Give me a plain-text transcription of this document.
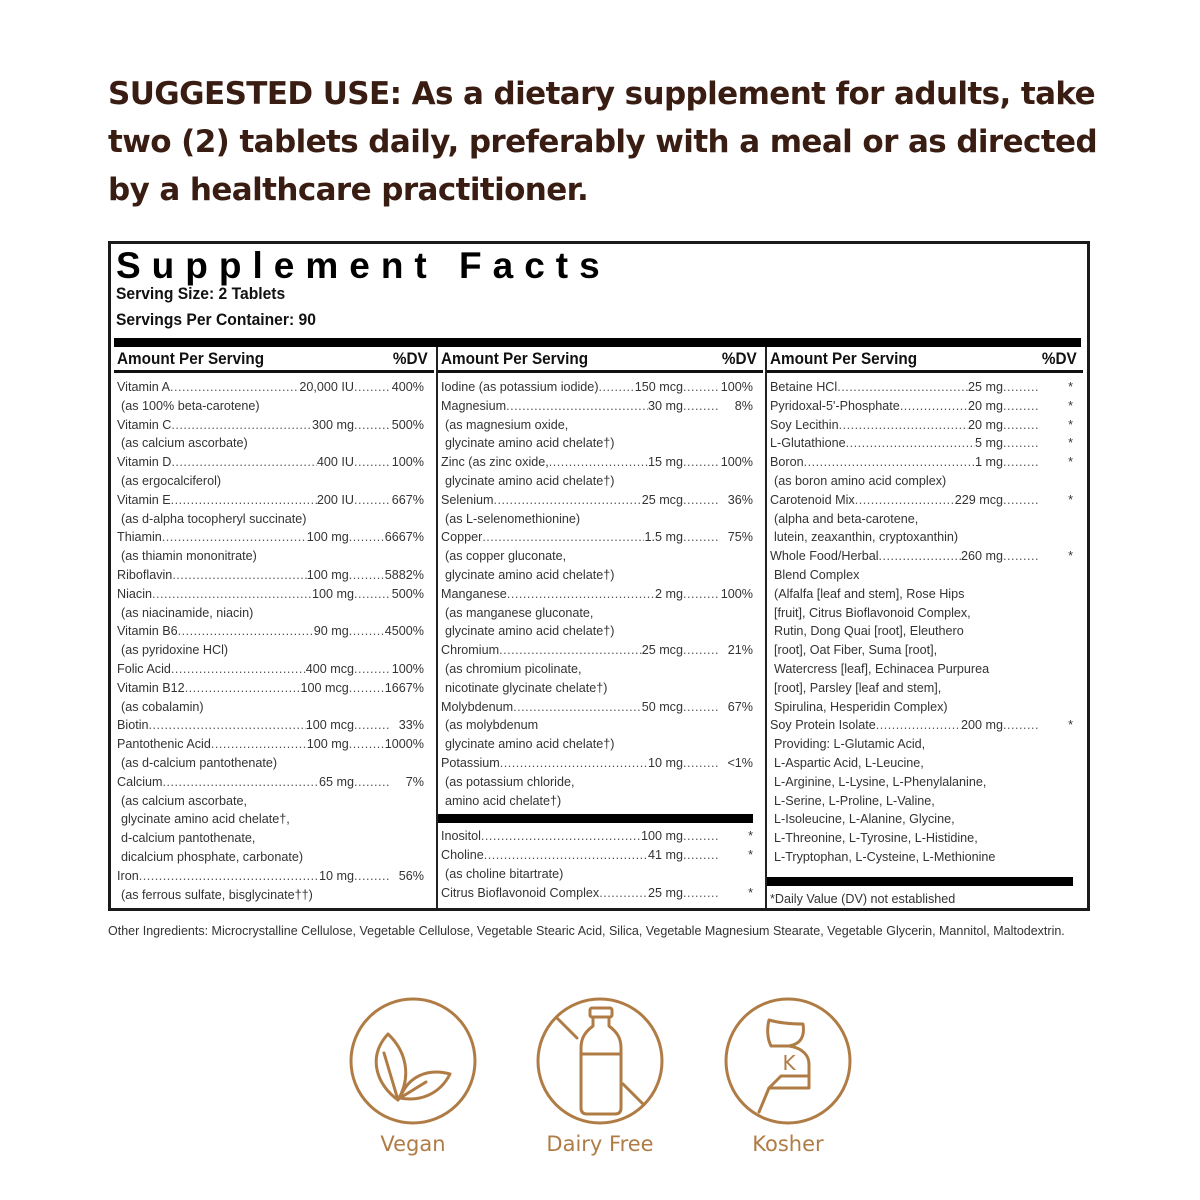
SUGGESTED USE: As a dietary supplement for adults, take two (2) tablets daily, preferably with a meal or as directed by a healthcare practitioner.
Supplement Facts
Serving Size: 2 Tablets
Servings Per Container: 90
Amount Per Serving	%DV
Vitamin A .....	20,000 IU .....	400%
(as 100% beta-carotene)
Vitamin C .....	300 mg .....	500%
(as calcium ascorbate)
Vitamin D .....	400 IU .....	100%
(as ergocalciferol)
Vitamin E .....	200 IU .....	667%
(as d-alpha tocopheryl succinate)
Thiamin .....	100 mg .....	6667%
(as thiamin mononitrate)
Riboflavin .....	100 mg .....	5882%
Niacin .....	100 mg .....	500%
(as niacinamide, niacin)
Vitamin B6 .....	90 mg .....	4500%
(as pyridoxine HCl)
Folic Acid .....	400 mcg .....	100%
Vitamin B12 .....	100 mcg .....	1667%
(as cobalamin)
Biotin .....	100 mcg .....	33%
Pantothenic Acid .....	100 mg .....	1000%
(as d-calcium pantothenate)
Calcium .....	65 mg .....	7%
(as calcium ascorbate,
glycinate amino acid chelate†,
d-calcium pantothenate,
dicalcium phosphate, carbonate)
Iron .....	10 mg .....	56%
(as ferrous sulfate, bisglycinate††)
Amount Per Serving	%DV
Iodine (as potassium iodide) .....	150 mcg .....	100%
Magnesium .....	30 mg .....	8%
(as magnesium oxide,
glycinate amino acid chelate†)
Zinc (as zinc oxide, .....	15 mg .....	100%
glycinate amino acid chelate†)
Selenium .....	25 mcg .....	36%
(as L-selenomethionine)
Copper .....	1.5 mg .....	75%
(as copper gluconate,
glycinate amino acid chelate†)
Manganese .....	2 mg .....	100%
(as manganese gluconate,
glycinate amino acid chelate†)
Chromium .....	25 mcg .....	21%
(as chromium picolinate,
nicotinate glycinate chelate†)
Molybdenum .....	50 mcg .....	67%
(as molybdenum
glycinate amino acid chelate†)
Potassium .....	10 mg .....	<1%
(as potassium chloride,
amino acid chelate†)
Inositol .....	100 mg .....	*
Choline .....	41 mg .....	*
(as choline bitartrate)
Citrus Bioflavonoid Complex .....	25 mg .....	*
Amount Per Serving	%DV
Betaine HCl .....	25 mg .....	*
Pyridoxal-5'-Phosphate .....	20 mg .....	*
Soy Lecithin .....	20 mg .....	*
L-Glutathione .....	5 mg .....	*
Boron .....	1 mg .....	*
(as boron amino acid complex)
Carotenoid Mix .....	229 mcg .....	*
(alpha and beta-carotene,
lutein, zeaxanthin, cryptoxanthin)
Whole Food/Herbal .....	260 mg .....	*
Blend Complex
(Alfalfa [leaf and stem], Rose Hips
[fruit], Citrus Bioflavonoid Complex,
Rutin, Dong Quai [root], Eleuthero
[root], Oat Fiber, Suma [root],
Watercress [leaf], Echinacea Purpurea
[root], Parsley [leaf and stem],
Spirulina, Hesperidin Complex)
Soy Protein Isolate .....	200 mg .....	*
Providing: L-Glutamic Acid,
L-Aspartic Acid, L-Leucine,
L-Arginine, L-Lysine, L-Phenylalanine,
L-Serine, L-Proline, L-Valine,
L-Isoleucine, L-Alanine, Glycine,
L-Threonine, L-Tyrosine, L-Histidine,
L-Tryptophan, L-Cysteine, L-Methionine
*Daily Value (DV) not established
Other Ingredients: Microcrystalline Cellulose, Vegetable Cellulose, Vegetable Stearic Acid, Silica, Vegetable Magnesium Stearate, Vegetable Glycerin, Mannitol, Maltodextrin.
Vegan	Dairy Free
K
Kosher
